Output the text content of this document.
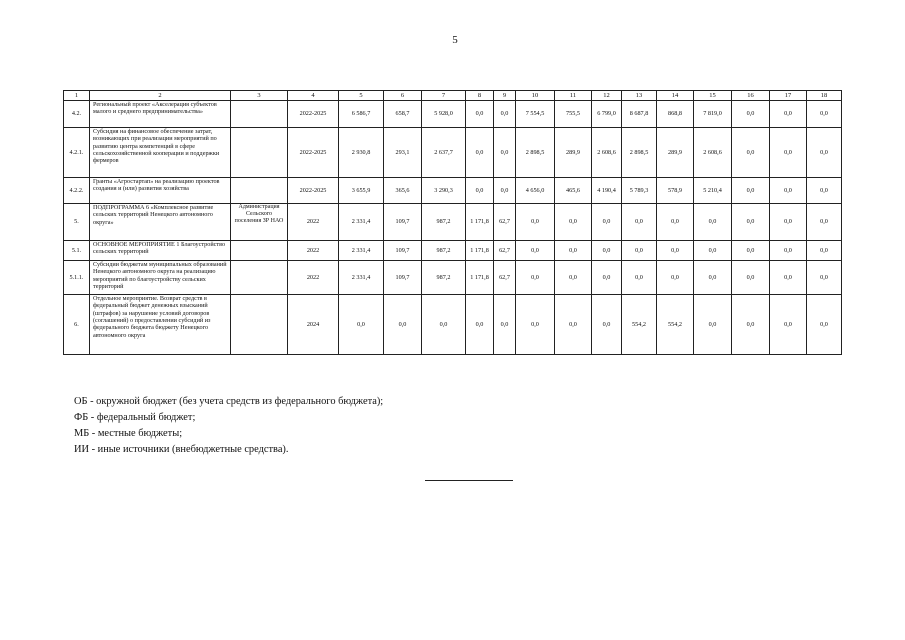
5
1	2	3	4	5	6	7	8	9	10	11	12	13	14	15	16	17	18
4.2.	Региональный проект «Акселерация субъектов малого и среднего предпринимательства»		2022-2025	6 586,7	658,7	5 928,0	0,0	0,0	7 554,5	755,5	6 799,0	8 687,8	868,8	7 819,0	0,0	0,0	0,0
4.2.1.	Субсидия на финансовое обеспечение затрат, возникающих при реализации мероприятий по развитию центра компетенций в сфере сельскохозяйственной кооперации и поддержки фермеров		2022-2025	2 930,8	293,1	2 637,7	0,0	0,0	2 898,5	289,9	2 608,6	2 898,5	289,9	2 608,6	0,0	0,0	0,0
4.2.2.	Гранты «Агростартап» на реализацию проектов создания и (или) развития хозяйства		2022-2025	3 655,9	365,6	3 290,3	0,0	0,0	4 656,0	465,6	4 190,4	5 789,3	578,9	5 210,4	0,0	0,0	0,0
5.	ПОДПРОГРАММА 6 «Комплексное развитие сельских территорий Ненецкого автономного округа»	Администрация Сельского поселения ЗР НАО	2022	2 331,4	109,7	987,2	1 171,8	62,7	0,0	0,0	0,0	0,0	0,0	0,0	0,0	0,0	0,0
5.1.	ОСНОВНОЕ МЕРОПРИЯТИЕ 1 Благоустройство сельских территорий		2022	2 331,4	109,7	987,2	1 171,8	62,7	0,0	0,0	0,0	0,0	0,0	0,0	0,0	0,0	0,0
5.1.1.	Субсидии бюджетам муниципальных образований Ненецкого автономного округа на реализацию мероприятий по благоустройству сельских территорий		2022	2 331,4	109,7	987,2	1 171,8	62,7	0,0	0,0	0,0	0,0	0,0	0,0	0,0	0,0	0,0
6.	Отдельное мероприятие. Возврат средств в федеральный бюджет денежных взысканий (штрафов) за нарушение условий договоров (соглашений) о предоставлении субсидий из федерального бюджета бюджету Ненецкого автономного округа		2024	0,0	0,0	0,0	0,0	0,0	0,0	0,0	0,0	554,2	554,2	0,0	0,0	0,0	0,0
ОБ - окружной бюджет (без учета средств из федерального бюджета);
ФБ - федеральный бюджет;
МБ - местные бюджеты;
ИИ - иные источники (внебюджетные средства).
